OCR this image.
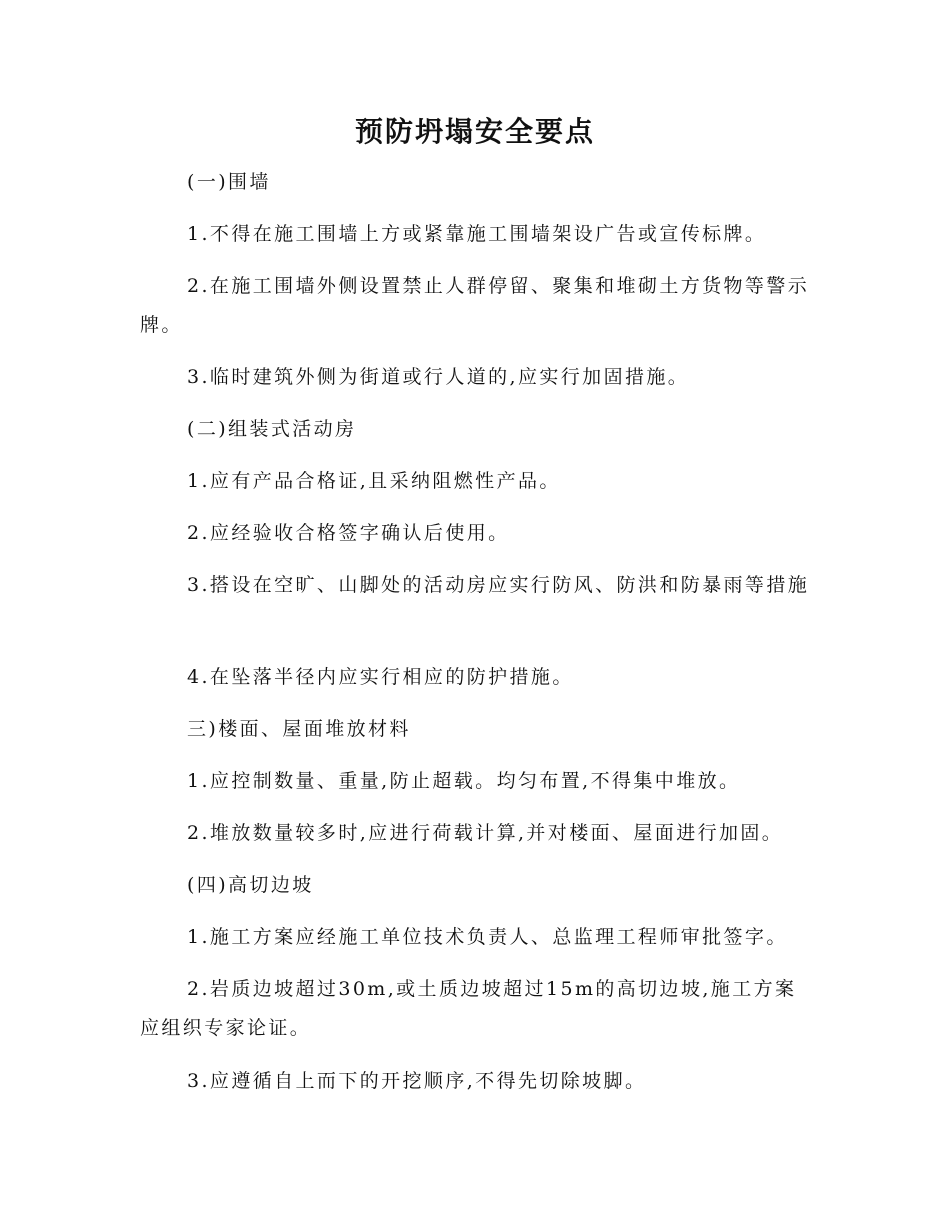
预防坍塌安全要点

(一)围墙

1.不得在施工围墙上方或紧靠施工围墙架设广告或宣传标牌。

2.在施工围墙外侧设置禁止人群停留、聚集和堆砌土方货物等警示牌。

3.临时建筑外侧为街道或行人道的,应实行加固措施。

(二)组装式活动房

1.应有产品合格证,且采纳阻燃性产品。

2.应经验收合格签字确认后使用。

3.搭设在空旷、山脚处的活动房应实行防风、防洪和防暴雨等措施

4.在坠落半径内应实行相应的防护措施。

三)楼面、屋面堆放材料

1.应控制数量、重量,防止超载。均匀布置,不得集中堆放。

2.堆放数量较多时,应进行荷载计算,并对楼面、屋面进行加固。

(四)高切边坡

1.施工方案应经施工单位技术负责人、总监理工程师审批签字。

2.岩质边坡超过30m,或土质边坡超过15m的高切边坡,施工方案应组织专家论证。

3.应遵循自上而下的开挖顺序,不得先切除坡脚。
